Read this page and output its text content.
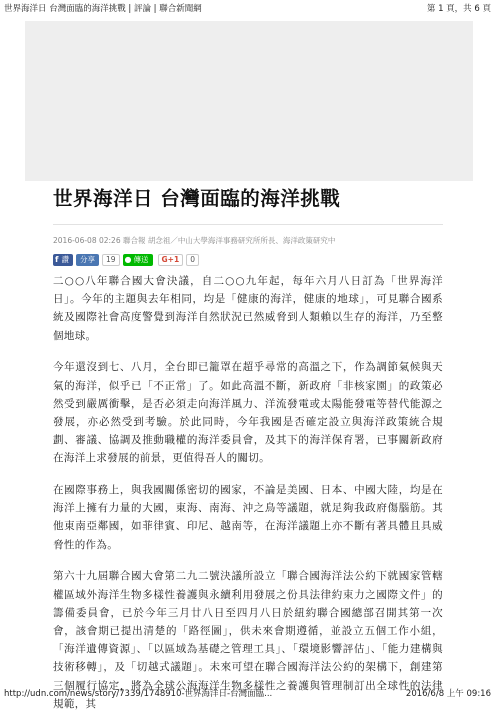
世界海洋日 台灣面臨的海洋挑戰 | 評論 | 聯合新聞網	第 1 頁，共 6 頁
世界海洋日 台灣面臨的海洋挑戰
2016-06-08 02:26 聯合報 胡念祖／中山大學海洋事務研究所所長、海洋政策研究中
f 讚	分享	19	● 傳送	G+1	0

二○○八年聯合國大會決議，自二○○九年起，每年六月八日訂為「世界海洋日」。今年的主題與去年相同，均是「健康的海洋，健康的地球」，可見聯合國系統及國際社會高度警覺到海洋自然狀況已然威脅到人類賴以生存的海洋，乃至整個地球。

今年還沒到七、八月，全台即已籠罩在超乎尋常的高溫之下，作為調節氣候與天氣的海洋，似乎已「不正常」了。如此高溫不斷，新政府「非核家園」的政策必然受到嚴厲衝擊，是否必須走向海洋風力、洋流發電或太陽能發電等替代能源之發展，亦必然受到考驗。於此同時，今年我國是否確定設立與海洋政策統合規劃、審議、協調及推動職權的海洋委員會，及其下的海洋保育署，已事關新政府在海洋上求發展的前景，更值得吾人的關切。

在國際事務上，與我國關係密切的國家，不論是美國、日本、中國大陸，均是在海洋上擁有力量的大國，東海、南海、沖之鳥等議題，就足夠我政府傷腦筋。其他東南亞鄰國，如菲律賓、印尼、越南等，在海洋議題上亦不斷有著具體且具威脅性的作為。

第六十九屆聯合國大會第二九二號決議所設立「聯合國海洋法公約下就國家管轄權區域外海洋生物多樣性養護與永續利用發展之份具法律約束力之國際文件」的籌備委員會，已於今年三月廿八日至四月八日於紐約聯合國總部召開其第一次會，該會期已提出清楚的「路徑圖」，供未來會期遵循，並設立五個工作小組，「海洋遺傳資源」、「以區域為基礎之管理工具」、「環境影響評估」、「能力建構與技術移轉」，及「切越式議題」。未來可望在聯合國海洋法公約的架構下，創建第三個履行協定，將為全球公海海洋生物多樣性之養護與管理制訂出全球性的法律規範，其

http://udn.com/news/story/7339/1748910-世界海洋日-台灣面臨...	2016/6/8 上午 09:16
